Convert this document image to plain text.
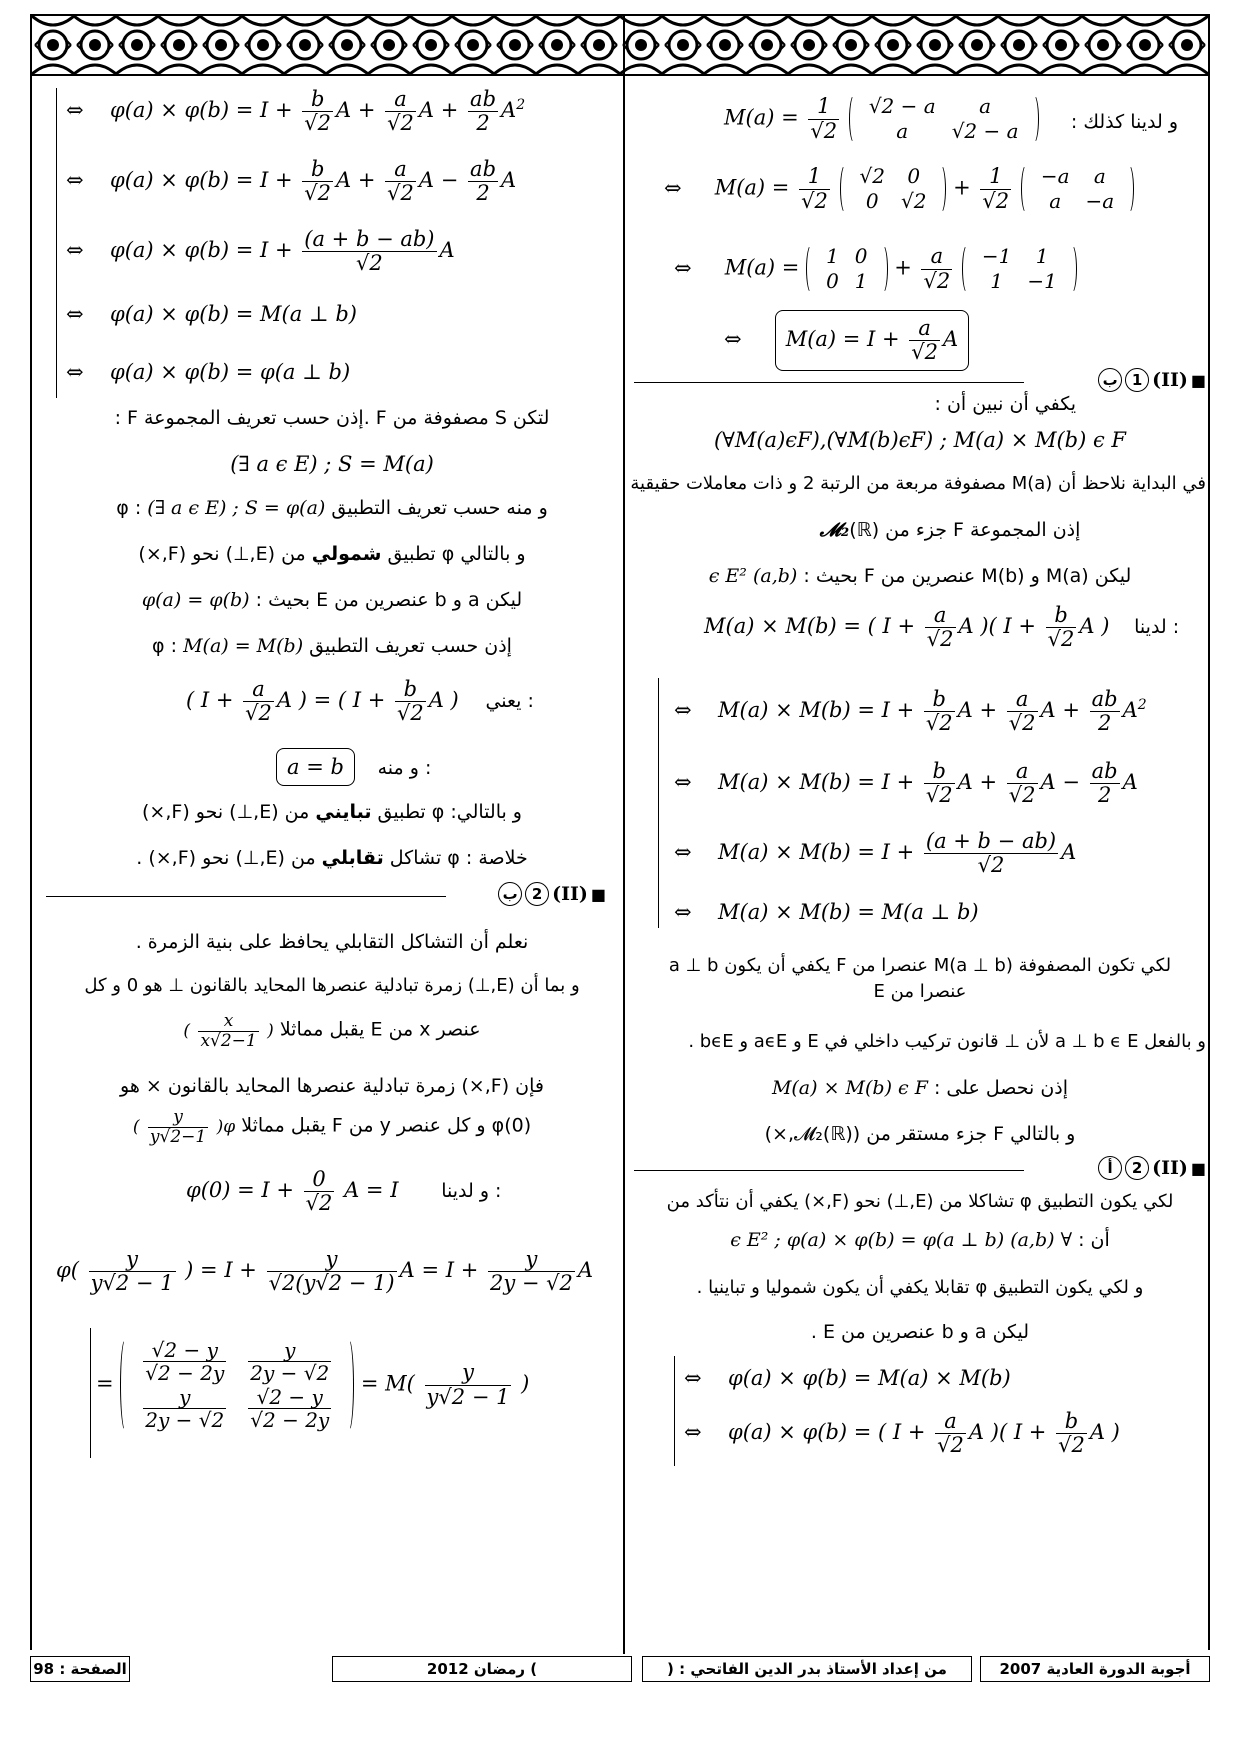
و لدينا كذلك :
$M(a) = \frac{1}{√2}$
√2 − a	a
a	√2 − a
⇔ $M(a) = \frac{1}{√2}$
√2	0
0	√2
+ $\frac{1}{√2}$
−a	a
a	−a
⇔ M(a) = 1	0
0	1
+ $\frac{a}{√2}$
−1	1
1	−1
⇔ $M(a) = I + \frac{a}{√2}$ A
ب 1 (II) ■
يكفي أن نبين أن :
(∀M(a)ϵF),(∀M(b)ϵF) ; M(a) × M(b) ϵ F
في البداية نلاحظ أن M(a) مصفوفة مربعة من الرتبة 2 و ذات معاملات حقيقية
إذن المجموعة F جزء من (ℝ)𝓜₂
ليكن M(a) و M(b) عنصرين من F بحيث : (a,b) ϵ E²
M(a) × M(b) = ( $I + \frac{a}{√2}$ A )( $I + \frac{b}{√2}$ A ) لدينا :
⇔ $M(a) \times M(b) = I + \frac{b}{√2}$ $A + \frac{a}{√2}$ $A + \frac{ab}{2} A^2$
⇔ $M(a) \times M(b) = I + \frac{b}{√2}$ $A + \frac{a}{√2}$ $A - \frac{ab}{2}$ A
⇔ $M(a) \times M(b) = I + \frac{(a + b - ab)}{√2}$ A
⇔ M(a) × M(b) = M(a ⊥ b)
لكي تكون المصفوفة M(a ⊥ b) عنصرا من F يكفي أن يكون a ⊥ b
عنصرا من E
و بالفعل a ⊥ b ϵ E لأن ⊥ قانون تركيب داخلي في E و aϵE و bϵE .
إذن نحصل على : M(a) × M(b) ϵ F
و بالتالي F جزء مستقر من (𝓜₂(ℝ),×)
أ	2 (II) ■
لكي يكون التطبيق φ تشاكلا من (E,⊥) نحو (F,×) يكفي أن نتأكد من
أن : ∀ (a,b) ϵ E² ; φ(a) × φ(b) = φ(a ⊥ b)
و لكي يكون التطبيق φ تقابلا يكفي أن يكون شموليا و تباينيا .
ليكن a و b عنصرين من E .
⇔ φ(a) × φ(b) = M(a) × M(b)
⇔ φ(a) × φ(b) = ( $I + \frac{a}{√2}$ A )( $I + \frac{b}{√2}$ A )
⇔ $\varphi(a) \times \varphi(b) = I + \frac{b}{√2}$ $A + \frac{a}{√2}$ $A + \frac{ab}{2} A^2$
⇔ $\varphi(a) \times \varphi(b) = I + \frac{b}{√2}$ $A + \frac{a}{√2}$ $A - \frac{ab}{2}$ A
⇔ $\varphi(a) \times \varphi(b) = I + \frac{(a + b - ab)}{√2}$ A
⇔ φ(a) × φ(b) = M(a ⊥ b)
⇔ φ(a) × φ(b) = φ(a ⊥ b)
لتكن S مصفوفة من F .إذن حسب تعريف المجموعة F :
(∃ a ϵ E) ; S = M(a)
و منه حسب تعريف التطبيق φ : (∃ a ϵ E) ; S = φ(a)
و بالتالي φ تطبيق شمولي من (E,⊥) نحو (F,×)
ليكن a و b عنصرين من E بحيث : φ(a) = φ(b)
إذن حسب تعريف التطبيق φ : M(a) = M(b)
( $I + \frac{a}{√2}$ A ) = ( $I + \frac{b}{√2}$ A ) يعني :
a = b و منه :
و بالتالي: φ تطبيق تبايني من (E,⊥) نحو (F,×)
خلاصة : φ تشاكل تقابلي من (E,⊥) نحو (F,×) .
ب 2 (II) ■
نعلم أن التشاكل التقابلي يحافظ على بنية الزمرة .
و بما أن (E,⊥) زمرة تبادلية عنصرها المحايد بالقانون ⊥ هو 0 و كل
عنصر x من E يقبل مماثلا (
$\frac{x}{x√2-1}$
)
فإن (F,×) زمرة تبادلية عنصرها المحايد بالقانون × هو
φ(0) و كل عنصر y من F يقبل مماثلا φ(
$\frac{y}{y√2-1}$
)
$\varphi(0) = I + \frac{0}{√2}$ A = I و لدينا :
$\varphi( \frac{y}{y√2 - 1}$ ) = $I + \frac{y}{√2(y√2 - 1)}$ $A = I + \frac{y}{2y - √2}$ A
= $\frac{√2 - y}{√2 - 2y}$	$\frac{y}{2y - √2}$

$\frac{y}{2y - √2}$	$\frac{√2 - y}{√2 - 2y}$
= $M( \frac{y}{y√2 - 1}$ )
أجوبة الدورة العادية 2007
من إعداد الأستاذ بدر الدين الفاتحي : (
) رمضان 2012
الصفحة : 98
